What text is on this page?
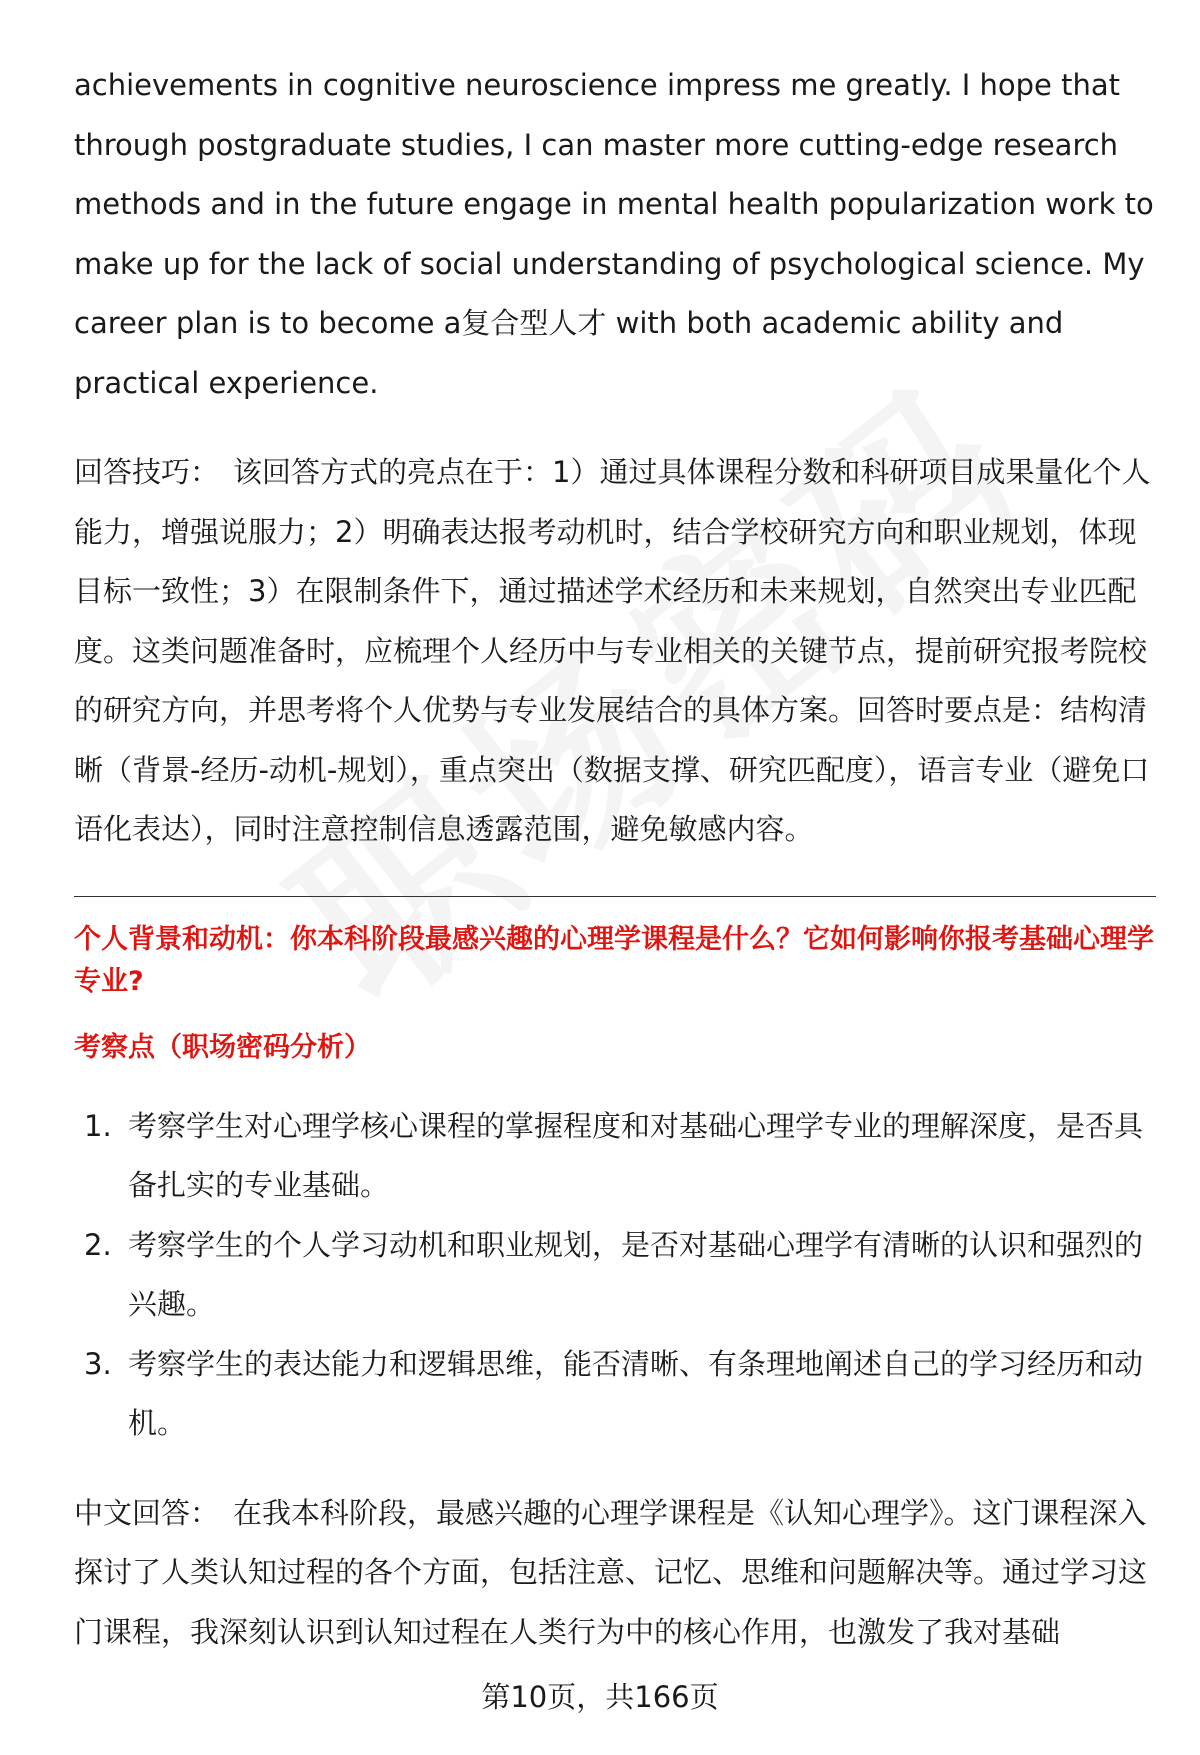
achievements in cognitive neuroscience impress me greatly. I hope that through postgraduate studies, I can master more cutting-edge research methods and in the future engage in mental health popularization work to make up for the lack of social understanding of psychological science. My career plan is to become a复合型人才 with both academic ability and practical experience.

回答技巧： 该回答方式的亮点在于：1）通过具体课程分数和科研项目成果量化个人能力，增强说服力；2）明确表达报考动机时，结合学校研究方向和职业规划，体现目标一致性；3）在限制条件下，通过描述学术经历和未来规划，自然突出专业匹配度。这类问题准备时，应梳理个人经历中与专业相关的关键节点，提前研究报考院校的研究方向，并思考将个人优势与专业发展结合的具体方案。回答时要点是：结构清晰（背景-经历-动机-规划），重点突出（数据支撑、研究匹配度），语言专业（避免口语化表达），同时注意控制信息透露范围，避免敏感内容。

个人背景和动机：你本科阶段最感兴趣的心理学课程是什么？它如何影响你报考基础心理学专业?

考察点（职场密码分析）

1. 考察学生对心理学核心课程的掌握程度和对基础心理学专业的理解深度，是否具备扎实的专业基础。
2. 考察学生的个人学习动机和职业规划，是否对基础心理学有清晰的认识和强烈的兴趣。
3. 考察学生的表达能力和逻辑思维，能否清晰、有条理地阐述自己的学习经历和动机。

中文回答： 在我本科阶段，最感兴趣的心理学课程是《认知心理学》。这门课程深入探讨了人类认知过程的各个方面，包括注意、记忆、思维和问题解决等。通过学习这门课程，我深刻认识到认知过程在人类行为中的核心作用，也激发了我对基础

第10页，共166页
